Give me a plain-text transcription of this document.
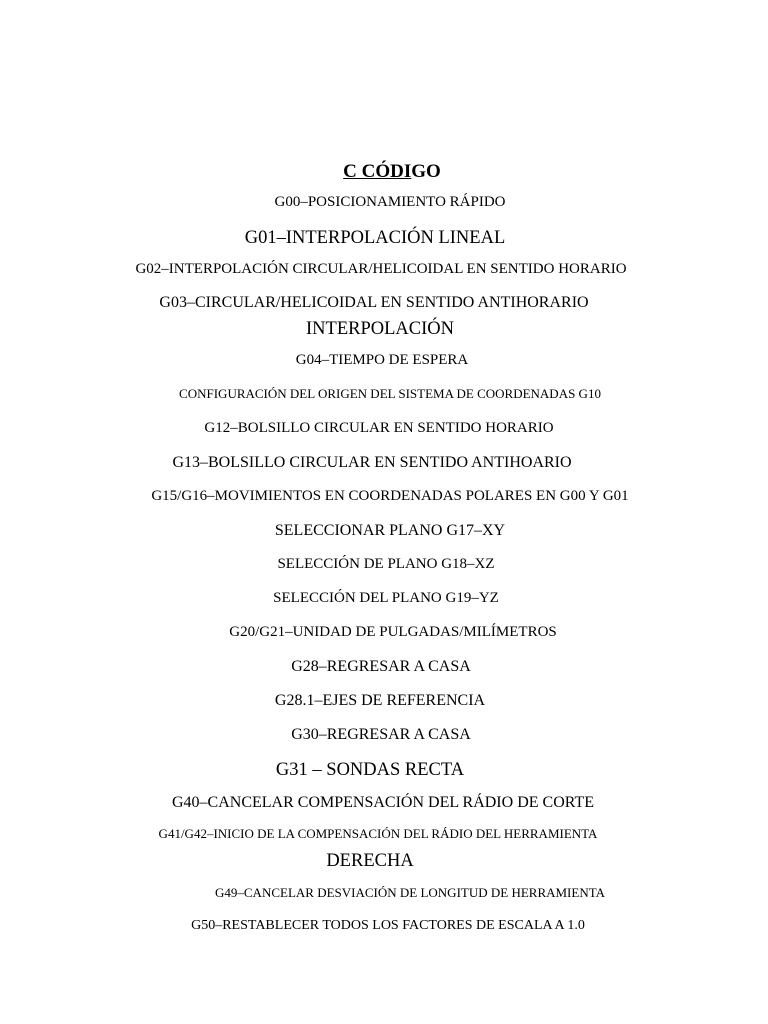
C CÓDIGO
G00–POSICIONAMIENTO RÁPIDO
G01–INTERPOLACIÓN LINEAL
G02–INTERPOLACIÓN CIRCULAR/HELICOIDAL EN SENTIDO HORARIO
G03–CIRCULAR/HELICOIDAL EN SENTIDO ANTIHORARIO
INTERPOLACIÓN
G04–TIEMPO DE ESPERA
CONFIGURACIÓN DEL ORIGEN DEL SISTEMA DE COORDENADAS G10
G12–BOLSILLO CIRCULAR EN SENTIDO HORARIO
G13–BOLSILLO CIRCULAR EN SENTIDO ANTIHOARIO
G15/G16–MOVIMIENTOS EN COORDENADAS POLARES EN G00 Y G01
SELECCIONAR PLANO G17–XY
SELECCIÓN DE PLANO G18–XZ
SELECCIÓN DEL PLANO G19–YZ
G20/G21–UNIDAD DE PULGADAS/MILÍMETROS
G28–REGRESAR A CASA
G28.1–EJES DE REFERENCIA
G30–REGRESAR A CASA
G31 – SONDAS RECTA
G40–CANCELAR COMPENSACIÓN DEL RÁDIO DE CORTE
G41/G42–INICIO DE LA COMPENSACIÓN DEL RÁDIO DEL HERRAMIENTA
DERECHA
G49–CANCELAR DESVIACIÓN DE LONGITUD DE HERRAMIENTA
G50–RESTABLECER TODOS LOS FACTORES DE ESCALA A 1.0
